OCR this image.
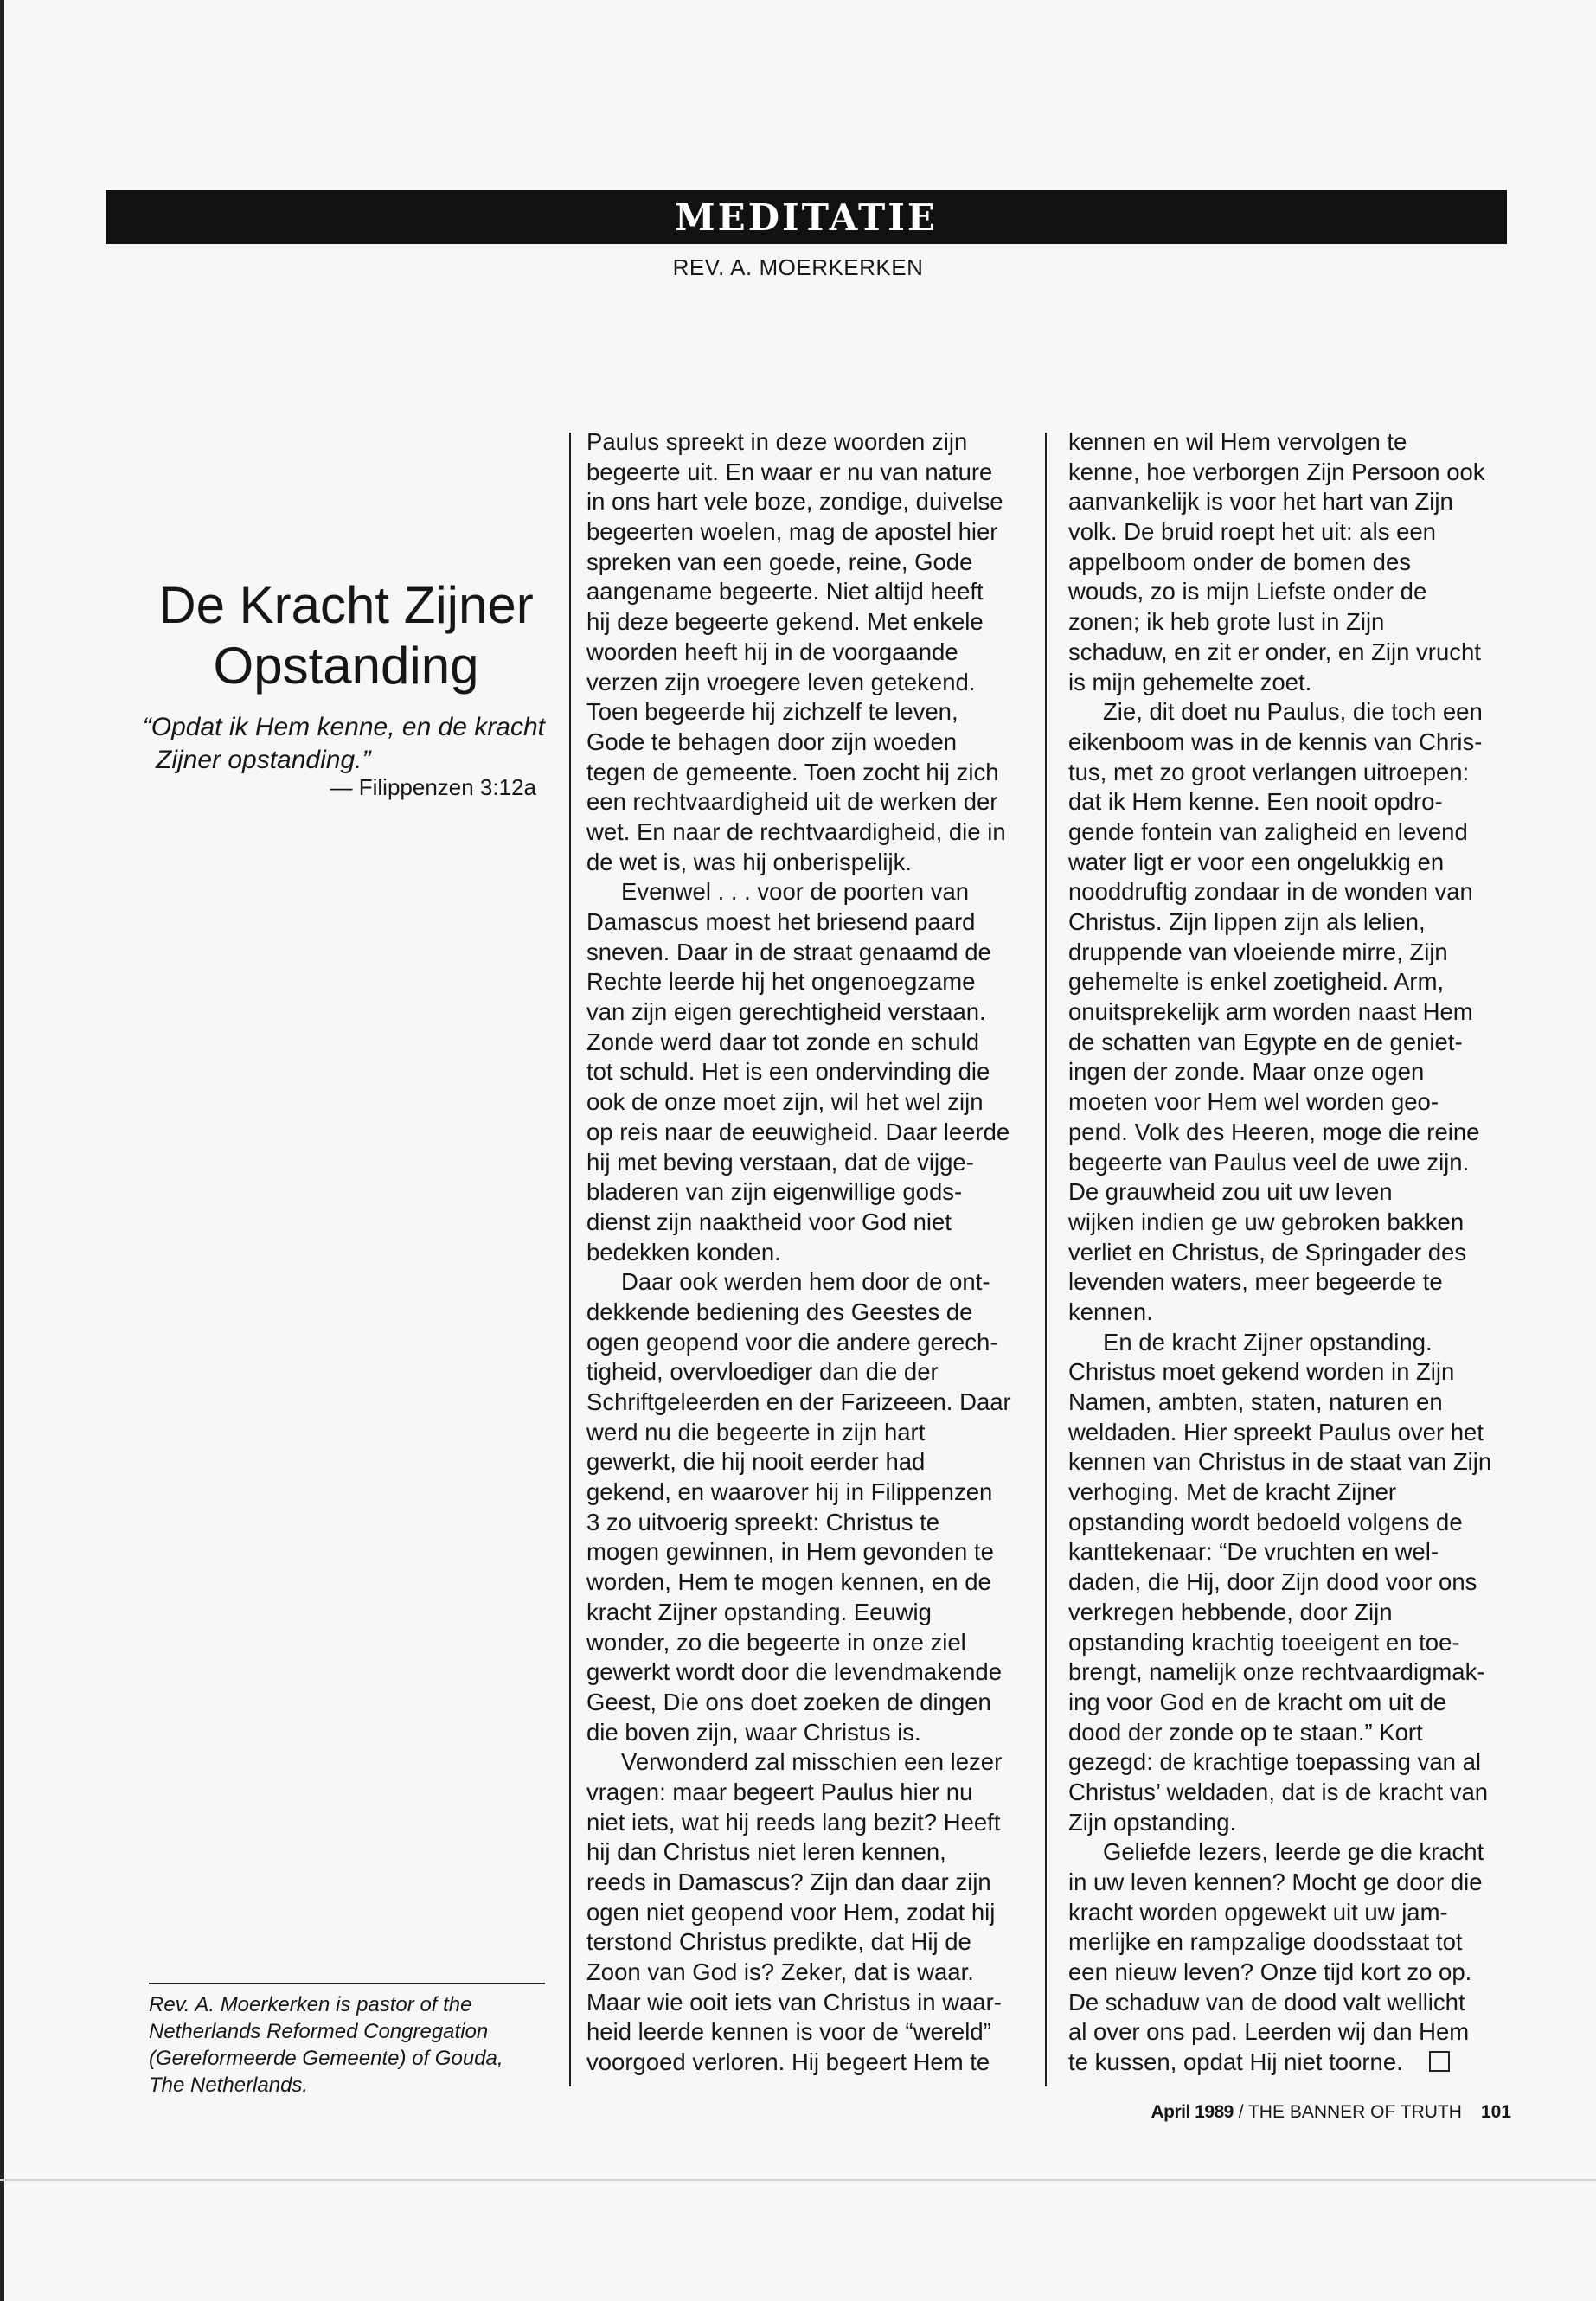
MEDITATIE
REV. A. MOERKERKEN
De Kracht Zijner
Opstanding
“Opdat ik Hem kenne, en de kracht
Zijner opstanding.”
— Filippenzen 3:12a
Rev. A. Moerkerken is pastor of the
Netherlands Reformed Congregation
(Gereformeerde Gemeente) of Gouda,
The Netherlands.
Paulus spreekt in deze woorden zijn
begeerte uit. En waar er nu van nature
in ons hart vele boze, zondige, duivelse
begeerten woelen, mag de apostel hier
spreken van een goede, reine, Gode
aangename begeerte. Niet altijd heeft
hij deze begeerte gekend. Met enkele
woorden heeft hij in de voorgaande
verzen zijn vroegere leven getekend.
Toen begeerde hij zichzelf te leven,
Gode te behagen door zijn woeden
tegen de gemeente. Toen zocht hij zich
een rechtvaardigheid uit de werken der
wet. En naar de rechtvaardigheid, die in
de wet is, was hij onberispelijk.
Evenwel . . . voor de poorten van
Damascus moest het briesend paard
sneven. Daar in de straat genaamd de
Rechte leerde hij het ongenoegzame
van zijn eigen gerechtigheid verstaan.
Zonde werd daar tot zonde en schuld
tot schuld. Het is een ondervinding die
ook de onze moet zijn, wil het wel zijn
op reis naar de eeuwigheid. Daar leerde
hij met beving verstaan, dat de vijge-
bladeren van zijn eigenwillige gods-
dienst zijn naaktheid voor God niet
bedekken konden.
Daar ook werden hem door de ont-
dekkende bediening des Geestes de
ogen geopend voor die andere gerech-
tigheid, overvloediger dan die der
Schriftgeleerden en der Farizeeen. Daar
werd nu die begeerte in zijn hart
gewerkt, die hij nooit eerder had
gekend, en waarover hij in Filippenzen
3 zo uitvoerig spreekt: Christus te
mogen gewinnen, in Hem gevonden te
worden, Hem te mogen kennen, en de
kracht Zijner opstanding. Eeuwig
wonder, zo die begeerte in onze ziel
gewerkt wordt door die levendmakende
Geest, Die ons doet zoeken de dingen
die boven zijn, waar Christus is.
Verwonderd zal misschien een lezer
vragen: maar begeert Paulus hier nu
niet iets, wat hij reeds lang bezit? Heeft
hij dan Christus niet leren kennen,
reeds in Damascus? Zijn dan daar zijn
ogen niet geopend voor Hem, zodat hij
terstond Christus predikte, dat Hij de
Zoon van God is? Zeker, dat is waar.
Maar wie ooit iets van Christus in waar-
heid leerde kennen is voor de “wereld”
voorgoed verloren. Hij begeert Hem te
kennen en wil Hem vervolgen te
kenne, hoe verborgen Zijn Persoon ook
aanvankelijk is voor het hart van Zijn
volk. De bruid roept het uit: als een
appelboom onder de bomen des
wouds, zo is mijn Liefste onder de
zonen; ik heb grote lust in Zijn
schaduw, en zit er onder, en Zijn vrucht
is mijn gehemelte zoet.
Zie, dit doet nu Paulus, die toch een
eikenboom was in de kennis van Chris-
tus, met zo groot verlangen uitroepen:
dat ik Hem kenne. Een nooit opdro-
gende fontein van zaligheid en levend
water ligt er voor een ongelukkig en
nooddruftig zondaar in de wonden van
Christus. Zijn lippen zijn als lelien,
druppende van vloeiende mirre, Zijn
gehemelte is enkel zoetigheid. Arm,
onuitsprekelijk arm worden naast Hem
de schatten van Egypte en de geniet-
ingen der zonde. Maar onze ogen
moeten voor Hem wel worden geo-
pend. Volk des Heeren, moge die reine
begeerte van Paulus veel de uwe zijn.
De grauwheid zou uit uw leven
wijken indien ge uw gebroken bakken
verliet en Christus, de Springader des
levenden waters, meer begeerde te
kennen.
En de kracht Zijner opstanding.
Christus moet gekend worden in Zijn
Namen, ambten, staten, naturen en
weldaden. Hier spreekt Paulus over het
kennen van Christus in de staat van Zijn
verhoging. Met de kracht Zijner
opstanding wordt bedoeld volgens de
kanttekenaar: “De vruchten en wel-
daden, die Hij, door Zijn dood voor ons
verkregen hebbende, door Zijn
opstanding krachtig toeeigent en toe-
brengt, namelijk onze rechtvaardigmak-
ing voor God en de kracht om uit de
dood der zonde op te staan.” Kort
gezegd: de krachtige toepassing van al
Christus’ weldaden, dat is de kracht van
Zijn opstanding.
Geliefde lezers, leerde ge die kracht
in uw leven kennen? Mocht ge door die
kracht worden opgewekt uit uw jam-
merlijke en rampzalige doodsstaat tot
een nieuw leven? Onze tijd kort zo op.
De schaduw van de dood valt wellicht
al over ons pad. Leerden wij dan Hem
te kussen, opdat Hij niet toorne.
April 1989 / THE BANNER OF TRUTH 101
